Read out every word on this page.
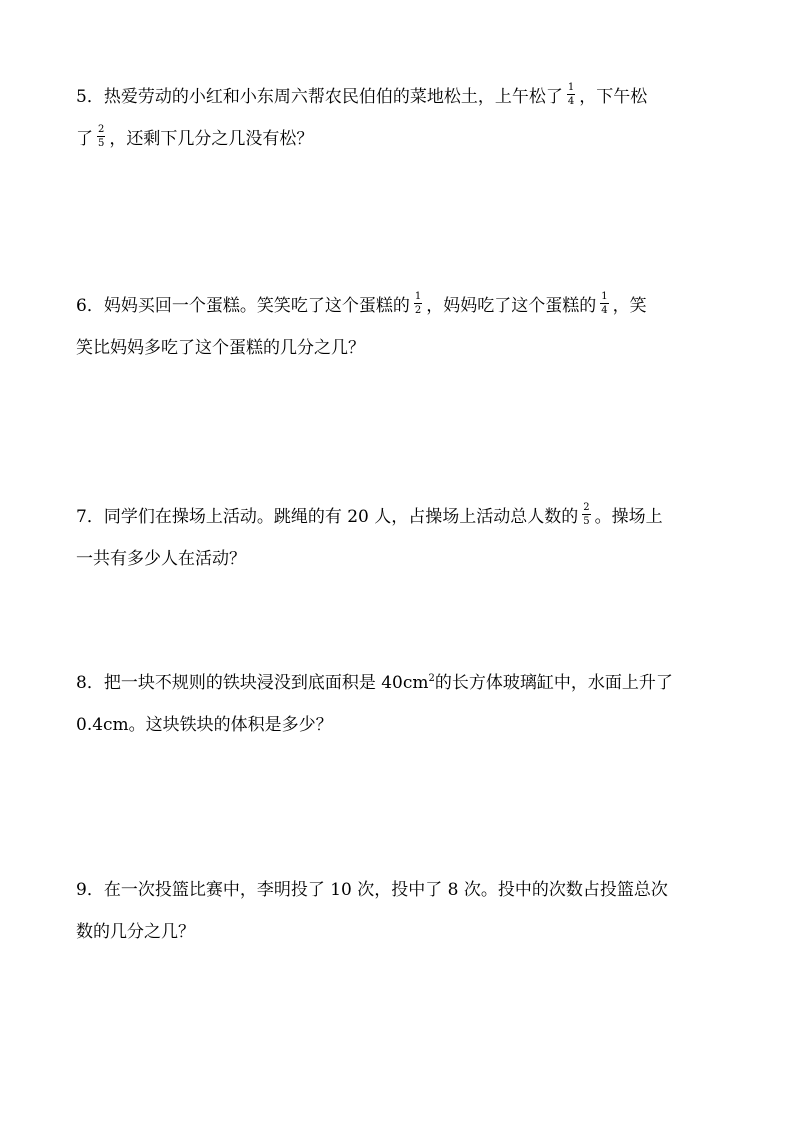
5．热爱劳动的小红和小东周六帮农民伯伯的菜地松土，上午松了 $\frac{1}{4}$ ，下午松
了 $\frac{2}{5}$ ，还剩下几分之几没有松？
6．妈妈买回一个蛋糕。笑笑吃了这个蛋糕的 $\frac{1}{2}$ ，妈妈吃了这个蛋糕的 $\frac{1}{4}$ ，笑
笑比妈妈多吃了这个蛋糕的几分之几？
7．同学们在操场上活动。跳绳的有 20 人，占操场上活动总人数的 $\frac{2}{5}$ 。操场上
一共有多少人在活动？
8．把一块不规则的铁块浸没到底面积是 $40cm^2$的长方体玻璃缸中，水面上升了
0.4cm。这块铁块的体积是多少？
9．在一次投篮比赛中，李明投了 10 次，投中了 8 次。投中的次数占投篮总次
数的几分之几？
